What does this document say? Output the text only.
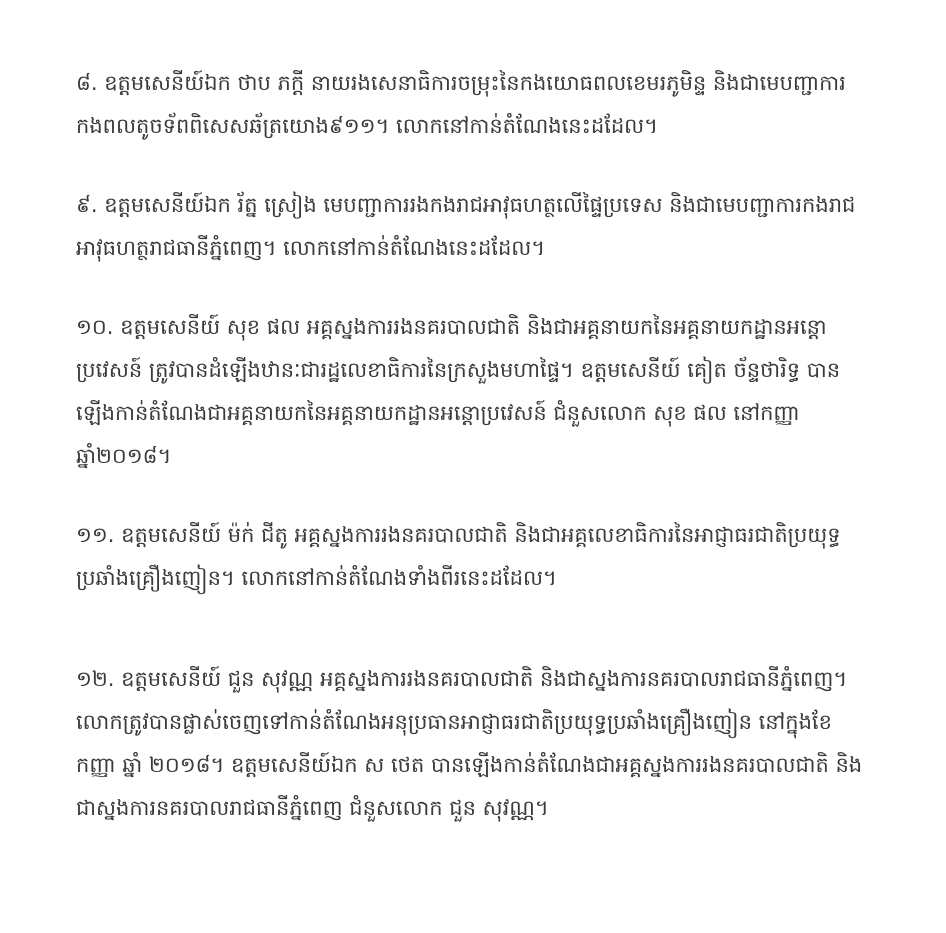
៨. ឧត្តមសេនីយ៍ឯក ថាប ភក្ដី នាយរងសេនាធិការចម្រុះនៃកងយោធពលខេមរភូមិន្ទ និងជាមេបញ្ជាការកងពលតូចទ័ពពិសេសឆ័ត្រយោង៩១១។ លោកនៅកាន់តំណែងនេះដដែល។

៩. ឧត្តមសេនីយ៍ឯក រ័ត្ន ស្រៀង មេបញ្ជាការរងកងរាជអាវុធហត្ថលើផ្ទៃប្រទេស និងជាមេបញ្ជាការកងរាជអាវុធហត្ថរាជធានីភ្នំពេញ។ លោកនៅកាន់តំណែងនេះដដែល។

១០. ឧត្តមសេនីយ៍ សុខ ផល អគ្គស្នងការរងនគរបាលជាតិ និងជាអគ្គនាយកនៃអគ្គនាយកដ្ឋានអន្តោប្រវេសន៍ ត្រូវបានដំឡើងឋានៈជារដ្ឋលេខាធិការនៃក្រសួងមហាផ្ទៃ។ ឧត្តមសេនីយ៍ គៀត ច័ន្ទថារិទ្ធ បានឡើងកាន់តំណែងជាអគ្គនាយកនៃអគ្គនាយកដ្ឋានអន្តោប្រវេសន៍ ជំនួសលោក សុខ ផល នៅកញ្ញា ឆ្នាំ២០១៨។

១១. ឧត្តមសេនីយ៍ ម៉ក់ ជីតូ អគ្គស្នងការរងនគរបាលជាតិ និងជាអគ្គលេខាធិការនៃអាជ្ញាធរជាតិប្រយុទ្ធប្រឆាំងគ្រឿងញៀន។ លោកនៅកាន់តំណែងទាំងពីរនេះដដែល។

១២. ឧត្តមសេនីយ៍ ជួន សុវណ្ណ អគ្គស្នងការរងនគរបាលជាតិ និងជាស្នងការនគរបាលរាជធានីភ្នំពេញ។ លោកត្រូវបានផ្លាស់ចេញទៅកាន់តំណែងអនុប្រធានអាជ្ញាធរជាតិប្រយុទ្ធប្រឆាំងគ្រឿងញៀន នៅក្នុងខែកញ្ញា ឆ្នាំ ២០១៨។ ឧត្តមសេនីយ៍ឯក ស ថេត បានឡើងកាន់តំណែងជាអគ្គស្នងការរងនគរបាលជាតិ និងជាស្នងការនគរបាលរាជធានីភ្នំពេញ ជំនួសលោក ជួន សុវណ្ណ។
